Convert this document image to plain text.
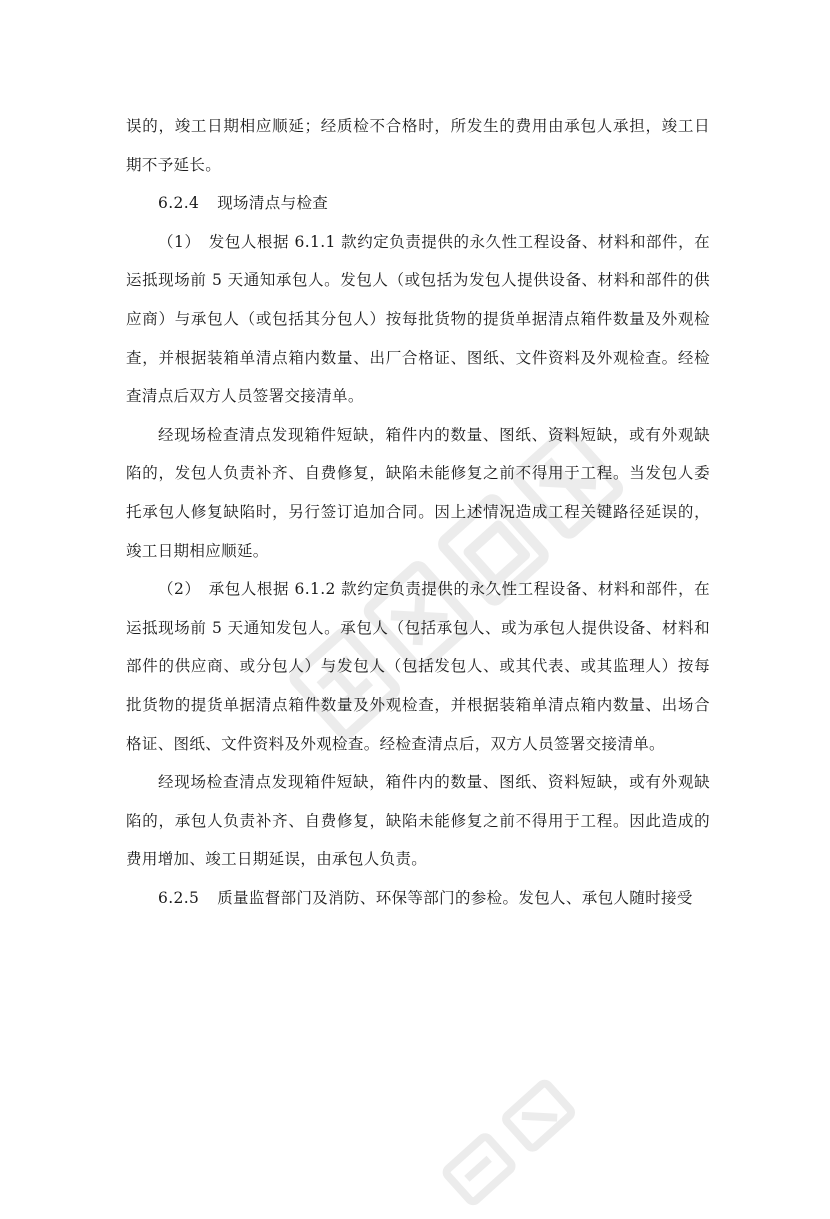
误的，竣工日期相应顺延；经质检不合格时，所发生的费用由承包人承担，竣工日期不予延长。

6.2.4 现场清点与检查

（1）　发包人根据 6.1.1 款约定负责提供的永久性工程设备、材料和部件，在运抵现场前 5 天通知承包人。发包人（或包括为发包人提供设备、材料和部件的供应商）与承包人（或包括其分包人）按每批货物的提货单据清点箱件数量及外观检查，并根据装箱单清点箱内数量、出厂合格证、图纸、文件资料及外观检查。经检查清点后双方人员签署交接清单。

经现场检查清点发现箱件短缺，箱件内的数量、图纸、资料短缺，或有外观缺陷的，发包人负责补齐、自费修复，缺陷未能修复之前不得用于工程。当发包人委托承包人修复缺陷时，另行签订追加合同。因上述情况造成工程关键路径延误的，竣工日期相应顺延。

（2）　承包人根据 6.1.2 款约定负责提供的永久性工程设备、材料和部件，在运抵现场前 5 天通知发包人。承包人（包括承包人、或为承包人提供设备、材料和部件的供应商、或分包人）与发包人（包括发包人、或其代表、或其监理人）按每批货物的提货单据清点箱件数量及外观检查，并根据装箱单清点箱内数量、出场合格证、图纸、文件资料及外观检查。经检查清点后，双方人员签署交接清单。

经现场检查清点发现箱件短缺，箱件内的数量、图纸、资料短缺，或有外观缺陷的，承包人负责补齐、自费修复，缺陷未能修复之前不得用于工程。因此造成的费用增加、竣工日期延误，由承包人负责。

6.2.5 质量监督部门及消防、环保等部门的参检。发包人、承包人随时接受
